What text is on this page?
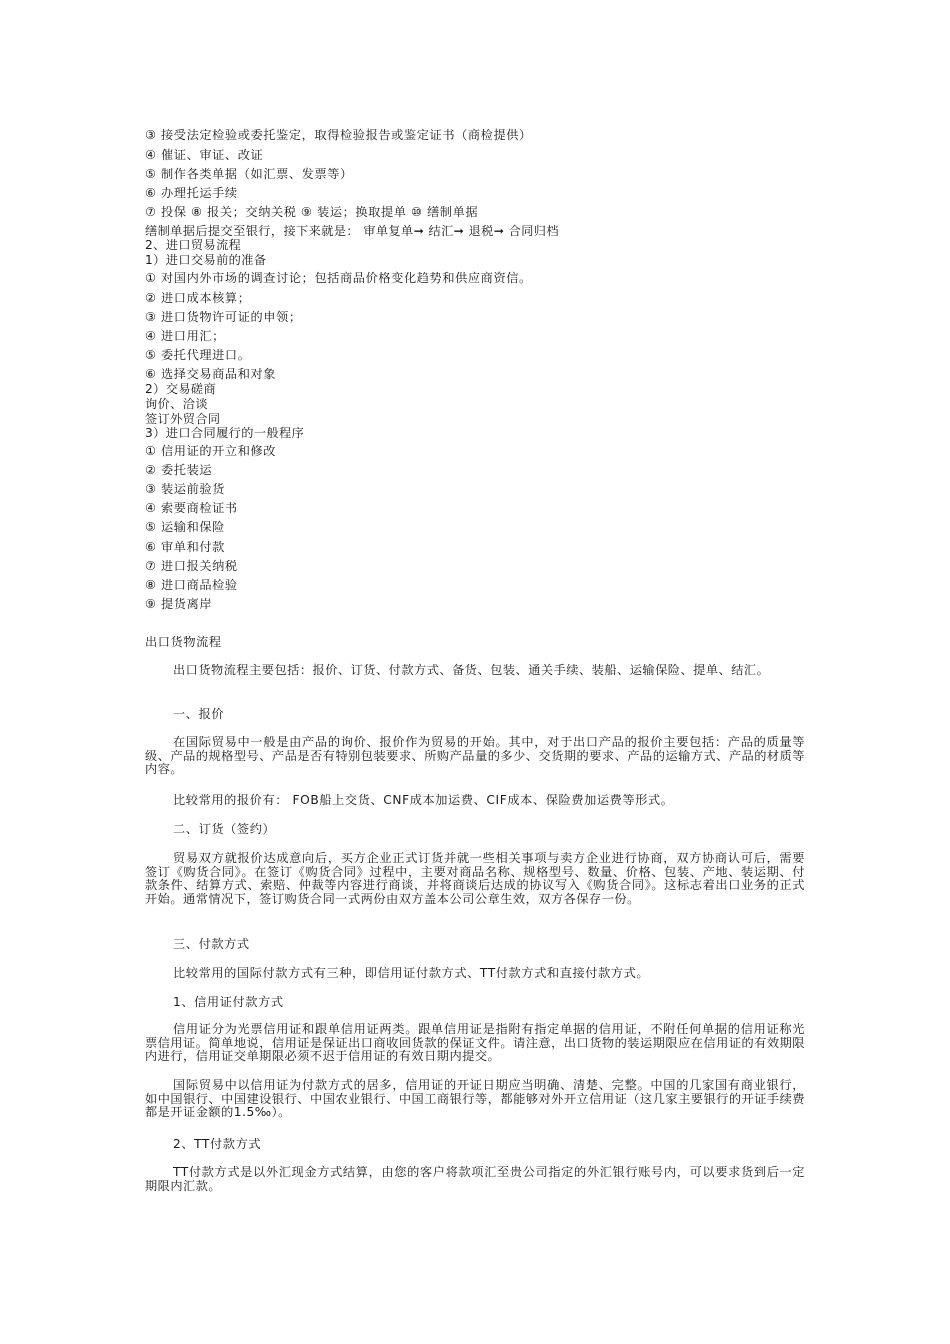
③ 接受法定检验或委托鉴定，取得检验报告或鉴定证书（商检提供）
④ 催证、审证、改证
⑤ 制作各类单据（如汇票、发票等）
⑥ 办理托运手续
⑦ 投保 ⑧ 报关；交纳关税 ⑨ 装运；换取提单 ⑩ 缮制单据
缮制单据后提交至银行，接下来就是： 审单复单➞ 结汇➞ 退税➞ 合同归档
2、进口贸易流程
1）进口交易前的准备
① 对国内外市场的调查讨论；包括商品价格变化趋势和供应商资信。
② 进口成本核算；
③ 进口货物许可证的申领；
④ 进口用汇；
⑤ 委托代理进口。
⑥ 选择交易商品和对象
2）交易磋商
询价、洽谈
签订外贸合同
3）进口合同履行的一般程序
① 信用证的开立和修改
② 委托装运
③ 装运前验货
④ 索要商检证书
⑤ 运输和保险
⑥ 审单和付款
⑦ 进口报关纳税
⑧ 进口商品检验
⑨ 提货离岸
出口货物流程
出口货物流程主要包括：报价、订货、付款方式、备货、包装、通关手续、装船、运输保险、提单、结汇。
一、报价
在国际贸易中一般是由产品的询价、报价作为贸易的开始。其中，对于出口产品的报价主要包括：产品的质量等级、产品的规格型号、产品是否有特别包装要求、所购产品量的多少、交货期的要求、产品的运输方式、产品的材质等内容。
比较常用的报价有： FOB船上交货、CNF成本加运费、CIF成本、保险费加运费等形式。
二、订货（签约）
贸易双方就报价达成意向后，买方企业正式订货并就一些相关事项与卖方企业进行协商，双方协商认可后，需要签订《购货合同》。在签订《购货合同》过程中，主要对商品名称、规格型号、数量、价格、包装、产地、装运期、付款条件、结算方式、索赔、仲裁等内容进行商谈，并将商谈后达成的协议写入《购货合同》。这标志着出口业务的正式开始。通常情况下，签订购货合同一式两份由双方盖本公司公章生效，双方各保存一份。
三、付款方式
比较常用的国际付款方式有三种，即信用证付款方式、TT付款方式和直接付款方式。
1、信用证付款方式
信用证分为光票信用证和跟单信用证两类。跟单信用证是指附有指定单据的信用证，不附任何单据的信用证称光票信用证。简单地说，信用证是保证出口商收回货款的保证文件。请注意，出口货物的装运期限应在信用证的有效期限内进行，信用证交单期限必须不迟于信用证的有效日期内提交。
国际贸易中以信用证为付款方式的居多，信用证的开证日期应当明确、清楚、完整。中国的几家国有商业银行，如中国银行、中国建设银行、中国农业银行、中国工商银行等，都能够对外开立信用证（这几家主要银行的开证手续费都是开证金额的1.5‰）。
2、TT付款方式
TT付款方式是以外汇现金方式结算，由您的客户将款项汇至贵公司指定的外汇银行账号内，可以要求货到后一定期限内汇款。
